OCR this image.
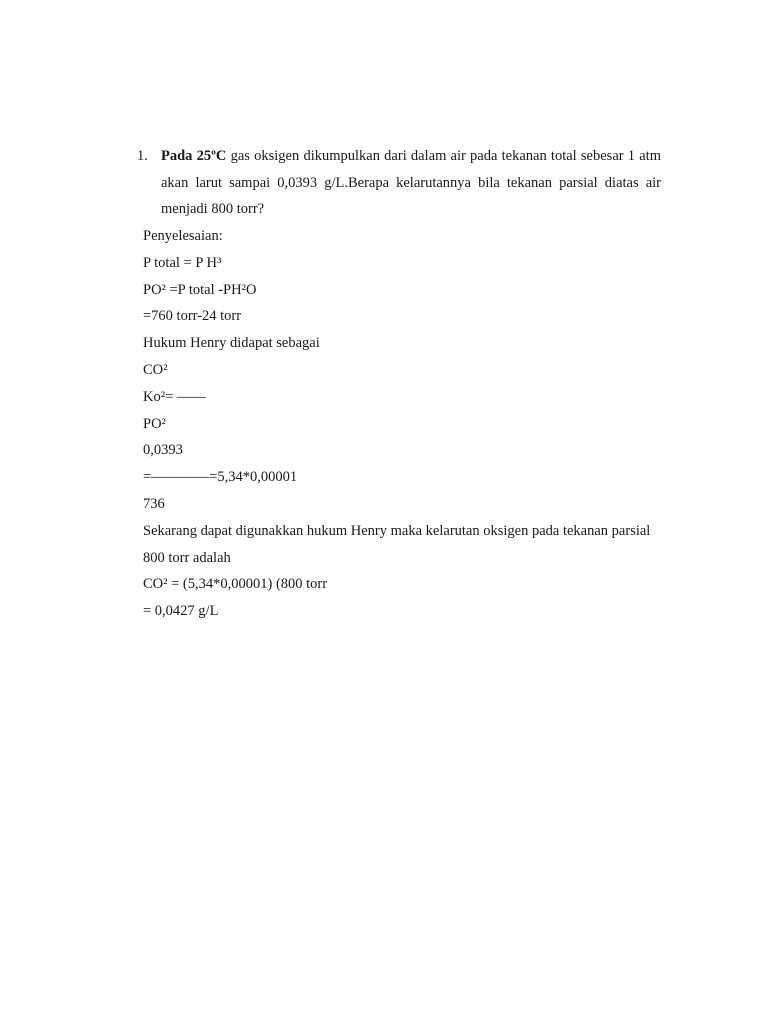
1. Pada 25ºC gas oksigen dikumpulkan dari dalam air pada tekanan total sebesar 1 atm akan larut sampai 0,0393 g/L.Berapa kelarutannya bila tekanan parsial diatas air menjadi 800 torr?
Penyelesaian:
P total = P H³
PO² =P total -PH²O
=760 torr-24 torr
Hukum Henry didapat sebagai
CO²
Ko²= ——
PO²
0,0393
=————=5,34*0,00001
736
Sekarang dapat digunakkan hukum Henry maka kelarutan oksigen pada tekanan parsial
800 torr adalah
CO² = (5,34*0,00001) (800 torr
= 0,0427 g/L
